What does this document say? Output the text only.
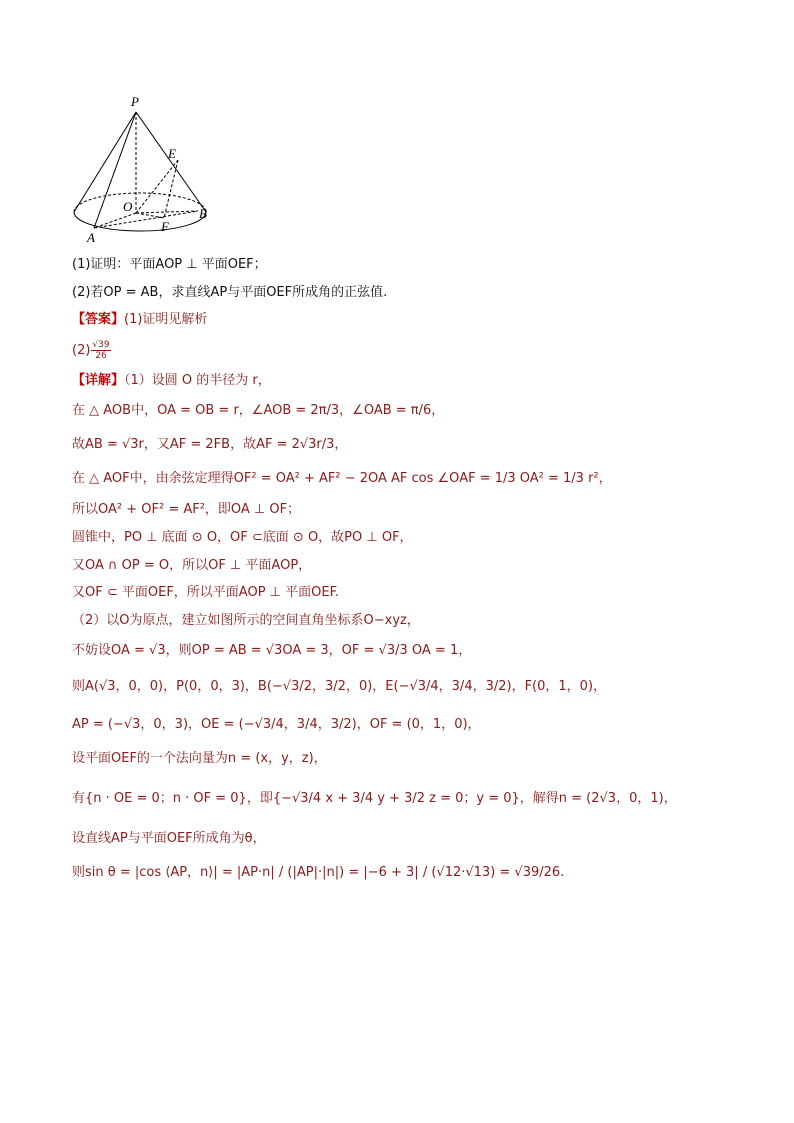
P
E
O	B
F
A
(1)证明：平面AOP ⊥ 平面OEF；
(2)若OP = AB，求直线AP与平面OEF所成角的正弦值.
【答案】(1)证明见解析
$(2) \frac{√39}{26}$
【详解】（1）设圆 O 的半径为 r，
在 △ AOB中，OA = OB = r，∠AOB = 2π/3，∠OAB = π/6，
故AB = √3r，又AF = 2FB，故AF = 2√3r/3，
在 △ AOF中，由余弦定理得OF² = OA² + AF² − 2OA AF cos ∠OAF = 1/3 OA² = 1/3 r²，
所以OA² + OF² = AF²，即OA ⊥ OF；
圆锥中，PO ⊥ 底面 ⊙ O，OF ⊂底面 ⊙ O，故PO ⊥ OF，
又OA ∩ OP = O，所以OF ⊥ 平面AOP，
又OF ⊂ 平面OEF，所以平面AOP ⊥ 平面OEF.
（2）以O为原点，建立如图所示的空间直角坐标系O−xyz，
不妨设OA = √3，则OP = AB = √3OA = 3，OF = √3/3 OA = 1，
则A(√3，0，0)，P(0，0，3)，B(−√3/2，3/2，0)，E(−√3/4，3/4，3/2)，F(0，1，0)，
AP = (−√3，0，3)，OE = (−√3/4，3/4，3/2)，OF = (0，1，0)，
设平面OEF的一个法向量为n = (x，y，z)，
有{n · OE = 0；n · OF = 0}，即{−√3/4 x + 3/4 y + 3/2 z = 0；y = 0}，解得n = (2√3，0，1)，
设直线AP与平面OEF所成角为θ，
则sin θ = |cos ⟨AP，n⟩| = |AP·n| / (|AP|·|n|) = |−6 + 3| / (√12·√13) = √39/26.
